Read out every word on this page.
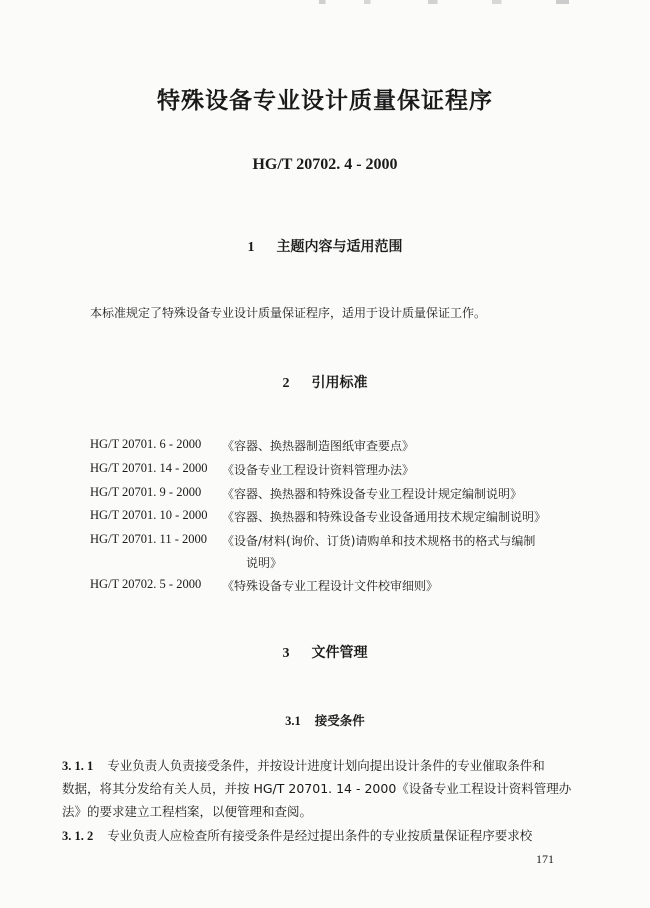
特殊设备专业设计质量保证程序
HG/T 20702. 4 - 2000
1 主题内容与适用范围
本标准规定了特殊设备专业设计质量保证程序，适用于设计质量保证工作。
2 引用标准
HG/T 20701. 6 - 2000 《容器、换热器制造图纸审查要点》
HG/T 20701. 14 - 2000 《设备专业工程设计资料管理办法》
HG/T 20701. 9 - 2000 《容器、换热器和特殊设备专业工程设计规定编制说明》
HG/T 20701. 10 - 2000 《容器、换热器和特殊设备专业设备通用技术规定编制说明》
HG/T 20701. 11 - 2000 《设备/材料(询价、订货)请购单和技术规格书的格式与编制
说明》
HG/T 20702. 5 - 2000 《特殊设备专业工程设计文件校审细则》
3 文件管理
3.1 接受条件
3. 1. 1 专业负责人负责接受条件，并按设计进度计划向提出设计条件的专业催取条件和
数据，将其分发给有关人员，并按 HG/T 20701. 14 - 2000《设备专业工程设计资料管理办
法》的要求建立工程档案，以便管理和查阅。
3. 1. 2 专业负责人应检查所有接受条件是经过提出条件的专业按质量保证程序要求校
171
